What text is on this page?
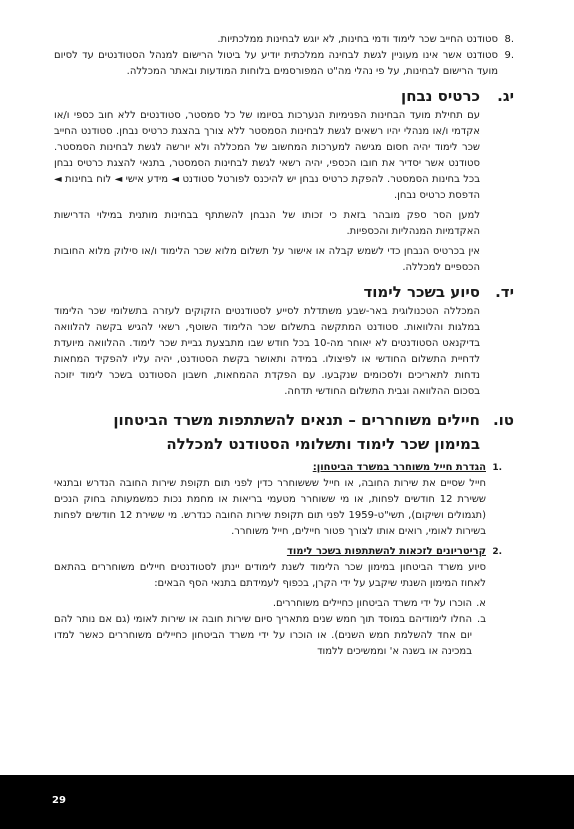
.8
סטודנט החייב שכר לימוד ודמי בחינות, לא יוגש לבחינות ממלכתיות.
.9
סטודנט אשר אינו מעוניין לגשת לבחינה ממלכתית יודיע על ביטול הרישום למנהל הסטודנטים עד לסיום מועד הרישום לבחינות, על פי נהלי מה"ט המפורסמים בלוחות המודעות ובאתר המכללה.
יג.
כרטיס נבחן

עם תחילת מועד הבחינות הפנימיות הנערכות בסיומו של כל סמסטר, סטודנטים ללא חוב כספי ו/או אקדמי ו/או מנהלי יהיו רשאים לגשת לבחינות הסמסטר ללא צורך בהצגת כרטיס נבחן. סטודנט החייב שכר לימוד יהיה חסום מגישה למערכות המחשוב של המכללה ולא יורשה לגשת לבחינות הסמסטר. סטודנט אשר יסדיר את חובו הכספי, יהיה רשאי לגשת לבחינות הסמסטר, בתנאי להצגת כרטיס נבחן בכל בחינות הסמסטר. להפקת כרטיס נבחן יש להיכנס לפורטל סטודנט ◄ מידע אישי ◄ לוח בחינות ◄ הדפסת כרטיס נבחן.

למען הסר ספק מובהר בזאת כי זכותו של הנבחן להשתתף בבחינות מותנית במילוי הדרישות האקדמיות המנהליות והכספיות.

אין בכרטיס הנבחן כדי לשמש קבלה או אישור על תשלום מלוא שכר הלימוד ו/או סילוק מלוא החובות הכספיים למכללה.

יד.
סיוע בשכר לימוד

המכללה הטכנולוגית באר-שבע משתדלת לסייע לסטודנטים הזקוקים לעזרה בתשלומי שכר הלימוד במלגות והלוואות. סטודנט המתקשה בתשלום שכר הלימוד השוטף, רשאי להגיש בקשה להלוואה בדיקנאט הסטודנטים לא יאוחר מה-10 בכל חודש שבו מתבצעת גביית שכר לימוד. ההלוואה מיועדת לדחיית התשלום החודשי או לפיצולו. במידה ותאושר בקשת הסטודנט, יהיה עליו להפקיד המחאות נדחות לתאריכים ולסכומים שנקבעו. עם הפקדת ההמחאות, חשבון הסטודנט בשכר לימוד יזוכה בסכום ההלוואה וגבית התשלום החודשי תדחה.

טו.
חיילים משוחררים – תנאים להשתתפות משרד הביטחון
במימון שכר לימוד ותשלומי הסטודנט למכללה
.1
הגדרת חייל משוחרר במשרד הביטחון:

חייל שסיים את שירות החובה, או חייל שששוחרר כדין לפני תום תקופת שירות החובה הנדרש ובתנאי ששירת 12 חודשים לפחות, או מי ששוחרר מטעמי בריאות או מחמת נכות כמשמעותה בחוק הנכים (תגמולים ושיקום), תשי"ט-1959 לפני תום תקופת שירות החובה כנדרש. מי ששירת 12 חודשים לפחות בשירות לאומי, רואים אותו לצורך פטור חיילים, חייל משוחרר.

.2
קריטריונים לזכאות להשתתפות בשכר לימוד

סיוע משרד הביטחון במימון שכר הלימוד לשנת לימודים יינתן לסטודנטים חיילים משוחררים בהתאם לאחוז המימון השנתי שיקבע על ידי הקרן, בכפוף לעמידתם בתנאי הסף הבאים:

א.
הוכרו על ידי משרד הביטחון כחיילים משוחררים.
ב.
החלו לימודיהם במוסד תוך חמש שנים מתאריך סיום שירות חובה או שירות לאומי (גם אם נותר להם יום אחד להשלמת חמש השנים). או הוכרו על ידי משרד הביטחון כחיילים משוחררים כאשר למדו במכינה או בשנה א' וממשיכים ללמוד
29
